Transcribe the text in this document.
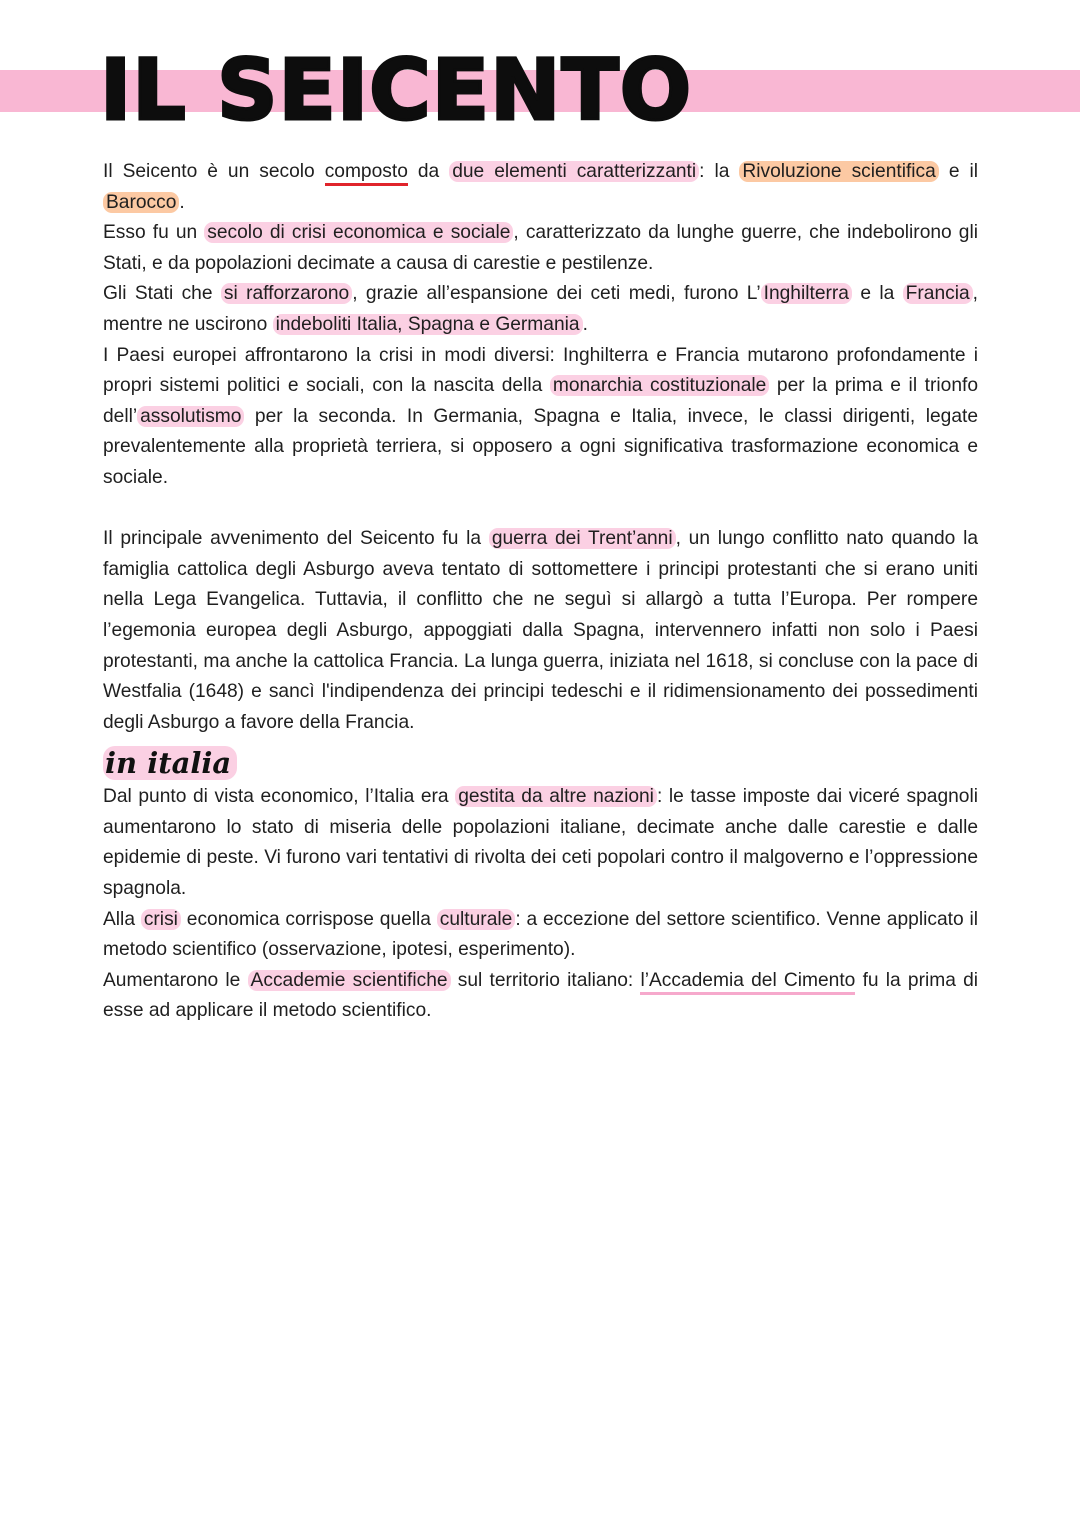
IL SEICENTO

Il Seicento è un secolo composto da due elementi caratterizzanti : la Rivoluzione scientifica e il Barocco .

Esso fu un secolo di crisi economica e sociale , caratterizzato da lunghe guerre, che indebolirono gli Stati, e da popolazioni decimate a causa di carestie e pestilenze.

Gli Stati che si rafforzarono , grazie all’espansione dei ceti medi, furono L’ Inghilterra e la Francia , mentre ne uscirono indeboliti Italia, Spagna e Germania .

I Paesi europei affrontarono la crisi in modi diversi: Inghilterra e Francia mutarono profondamente i propri sistemi politici e sociali, con la nascita della monarchia costituzionale per la prima e il trionfo dell’ assolutismo per la seconda. In Germania, Spagna e Italia, invece, le classi dirigenti, legate prevalentemente alla proprietà terriera, si opposero a ogni significativa trasformazione economica e sociale.

Il principale avvenimento del Seicento fu la guerra dei Trent’anni , un lungo conflitto nato quando la famiglia cattolica degli Asburgo aveva tentato di sottomettere i principi protestanti che si erano uniti nella Lega Evangelica. Tuttavia, il conflitto che ne seguì si allargò a tutta l’Europa. Per rompere l’egemonia europea degli Asburgo, appoggiati dalla Spagna, intervennero infatti non solo i Paesi protestanti, ma anche la cattolica Francia. La lunga guerra, iniziata nel 1618, si concluse con la pace di Westfalia (1648) e sancì l'indipendenza dei principi tedeschi e il ridimensionamento dei possedimenti degli Asburgo a favore della Francia.

in italia

Dal punto di vista economico, l’Italia era gestita da altre nazioni : le tasse imposte dai viceré spagnoli aumentarono lo stato di miseria delle popolazioni italiane, decimate anche dalle carestie e dalle epidemie di peste. Vi furono vari tentativi di rivolta dei ceti popolari contro il malgoverno e l’oppressione spagnola.

Alla crisi economica corrispose quella culturale : a eccezione del settore scientifico. Venne applicato il metodo scientifico (osservazione, ipotesi, esperimento).

Aumentarono le Accademie scientifiche sul territorio italiano: l’Accademia del Cimento fu la prima di esse ad applicare il metodo scientifico.
